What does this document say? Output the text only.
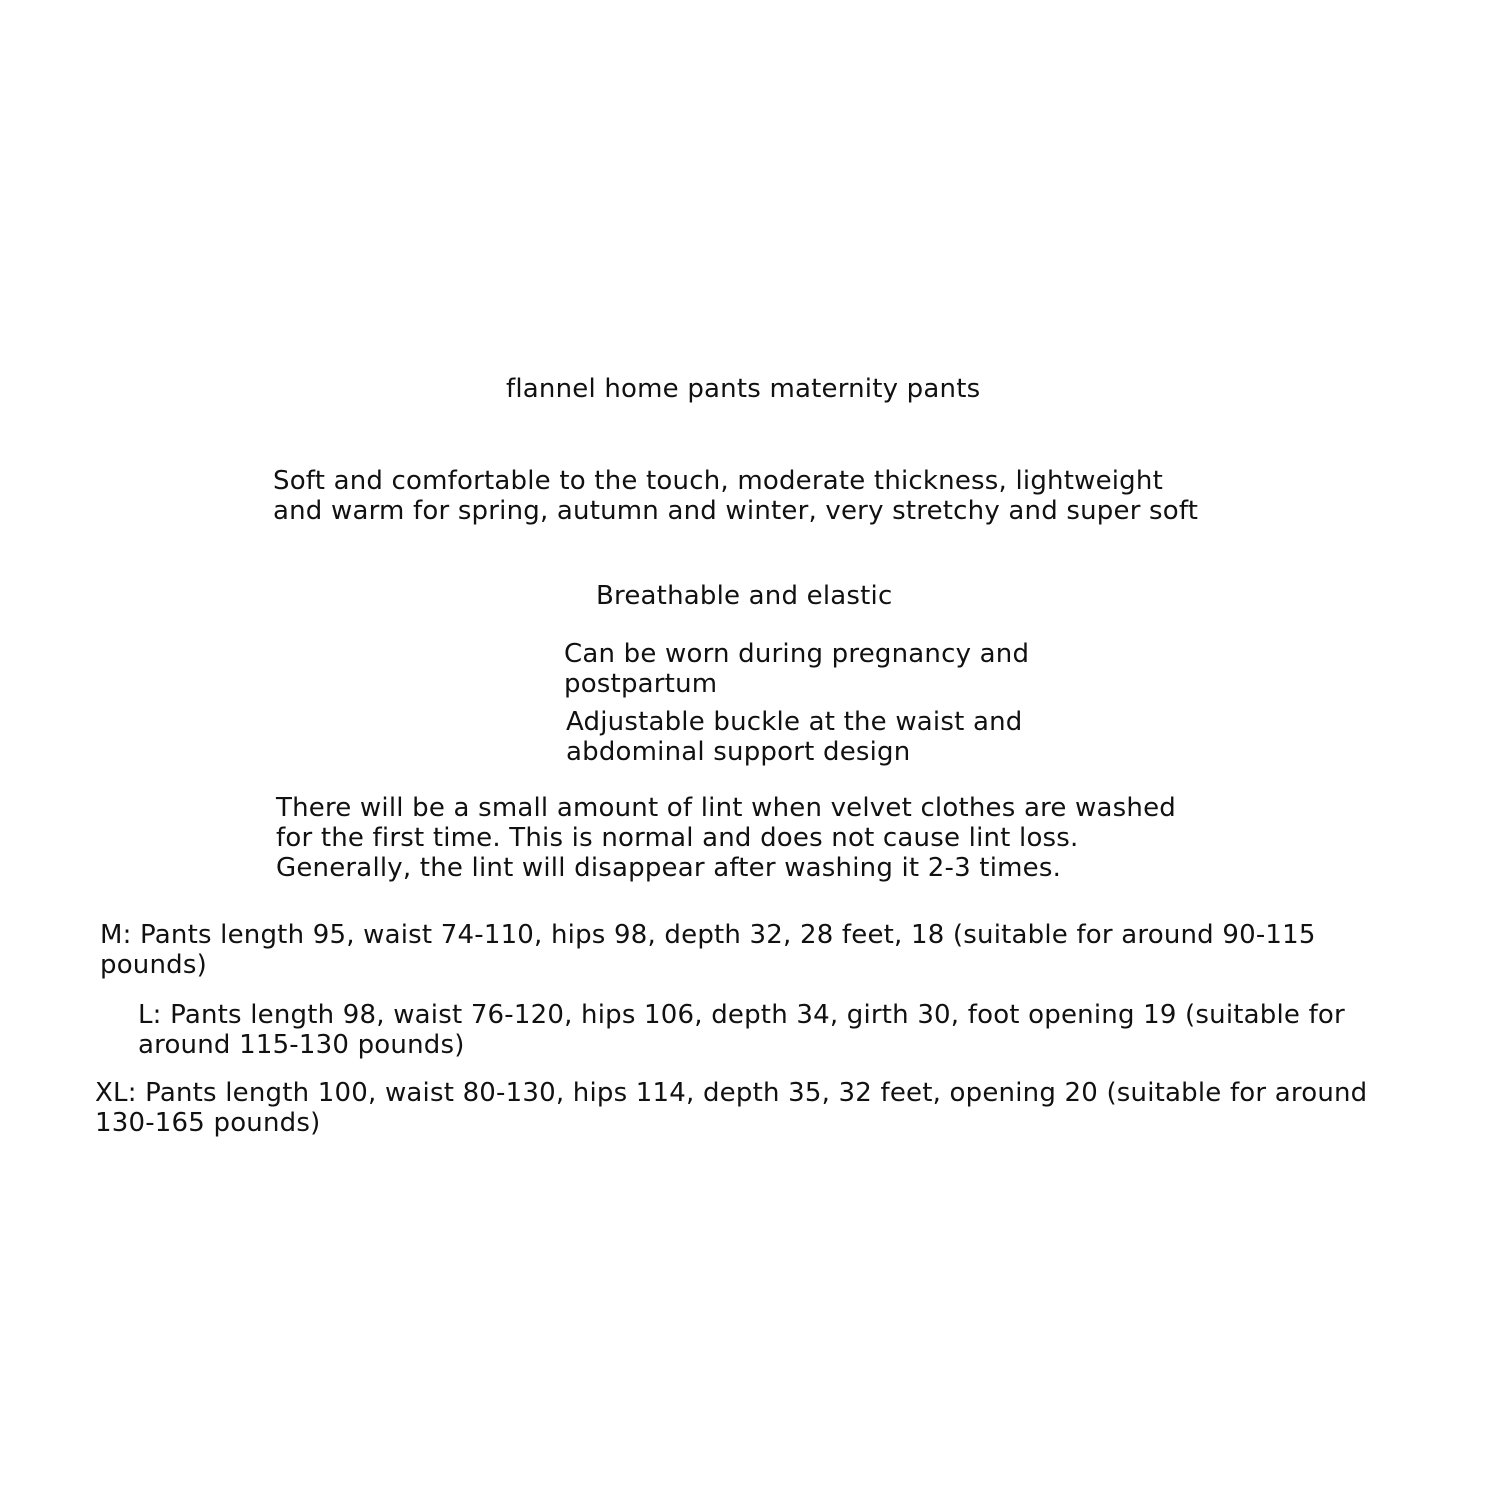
flannel home pants maternity pants
Soft and comfortable to the touch, moderate thickness, lightweight
and warm for spring, autumn and winter, very stretchy and super soft
Breathable and elastic
Can be worn during pregnancy and
postpartum
Adjustable buckle at the waist and
abdominal support design
There will be a small amount of lint when velvet clothes are washed
for the first time. This is normal and does not cause lint loss.
Generally, the lint will disappear after washing it 2-3 times.
M: Pants length 95, waist 74-110, hips 98, depth 32, 28 feet, 18 (suitable for around 90-115
pounds)
L: Pants length 98, waist 76-120, hips 106, depth 34, girth 30, foot opening 19 (suitable for
around 115-130 pounds)
XL: Pants length 100, waist 80-130, hips 114, depth 35, 32 feet, opening 20 (suitable for around
130-165 pounds)
